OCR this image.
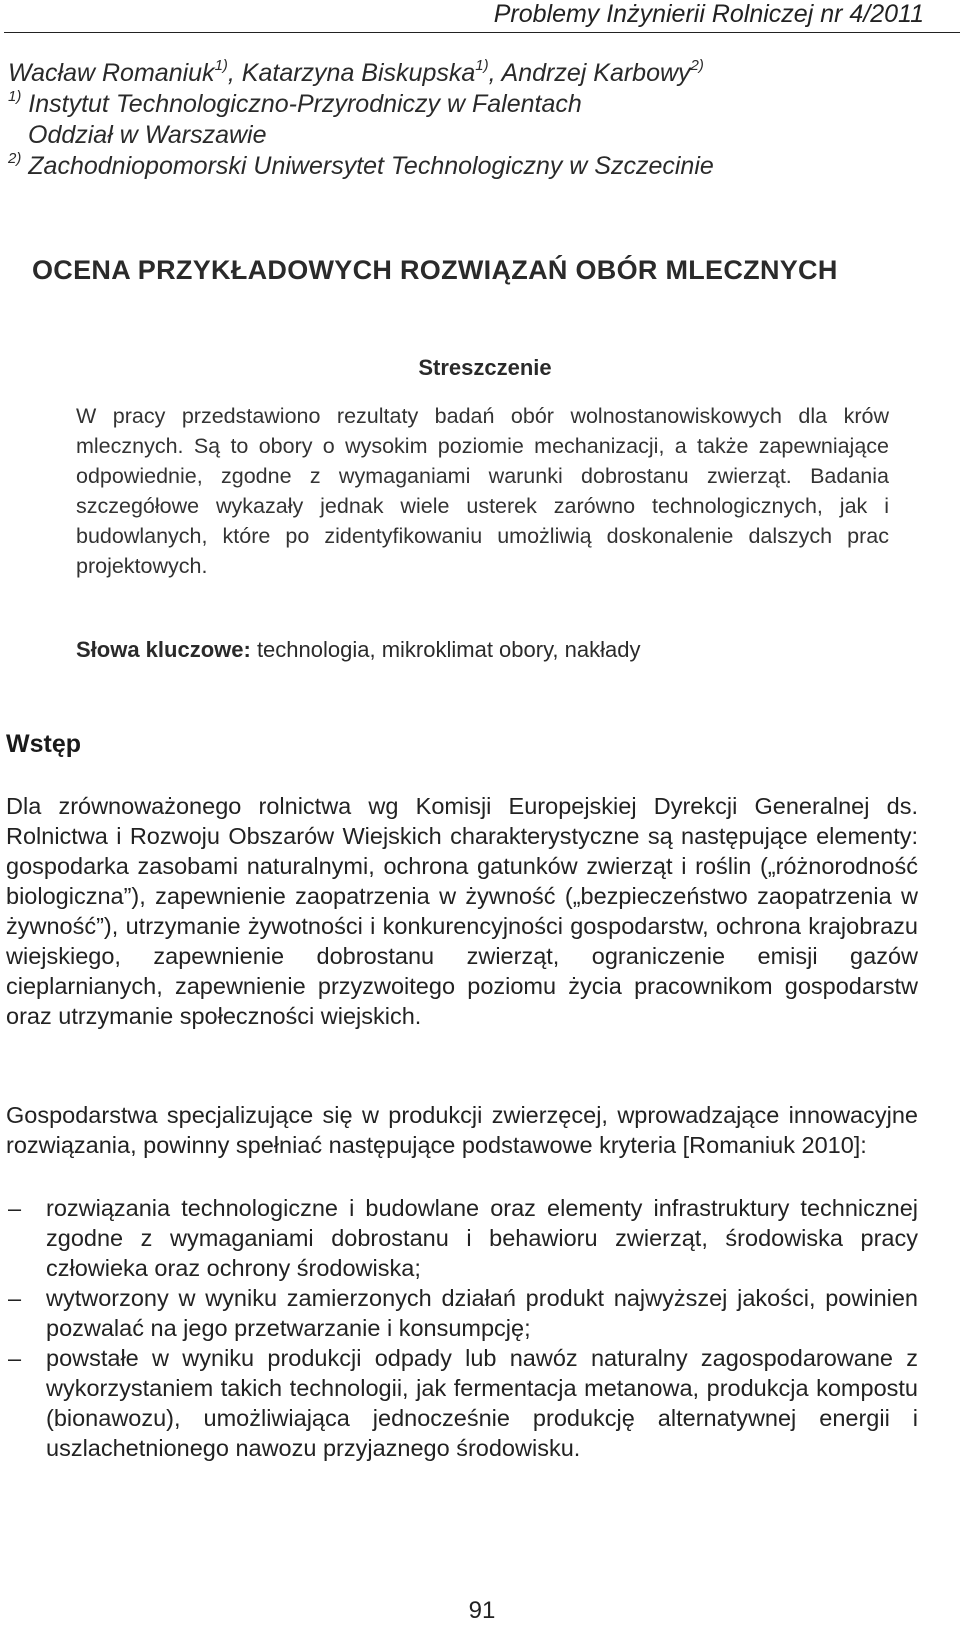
Problemy Inżynierii Rolniczej nr 4/2011
Wacław Romaniuk$^{1)}$, Katarzyna Biskupska$^{1)}$, Andrzej Karbowy$^{2)}$
$^{1)}$ Instytut Technologiczno-Przyrodniczy w Falentach
Oddział w Warszawie
$^{2)}$ Zachodniopomorski Uniwersytet Technologiczny w Szczecinie
OCENA PRZYKŁADOWYCH ROZWIĄZAŃ OBÓR MLECZNYCH
Streszczenie

W pracy przedstawiono rezultaty badań obór wolnostanowiskowych dla krów mlecznych. Są to obory o wysokim poziomie mechanizacji, a także zapewniające odpowiednie, zgodne z wymaganiami warunki dobrostanu zwierząt. Badania szczegółowe wykazały jednak wiele usterek zarówno technologicznych, jak i budowlanych, które po zidentyfikowaniu umożliwią doskonalenie dalszych prac projektowych.

Słowa kluczowe: technologia, mikroklimat obory, nakłady
Wstęp

Dla zrównoważonego rolnictwa wg Komisji Europejskiej Dyrekcji Generalnej ds. Rolnictwa i Rozwoju Obszarów Wiejskich charakterystyczne są następujące elementy: gospodarka zasobami naturalnymi, ochrona gatunków zwierząt i roślin („różnorodność biologiczna”), zapewnienie zaopatrzenia w żywność („bezpieczeństwo zaopatrzenia w żywność”), utrzymanie żywotności i konkurencyjności gospodarstw, ochrona krajobrazu wiejskiego, zapewnienie dobrostanu zwierząt, ograniczenie emisji gazów cieplarnianych, zapewnienie przyzwoitego poziomu życia pracownikom gospodarstw oraz utrzymanie społeczności wiejskich.

Gospodarstwa specjalizujące się w produkcji zwierzęcej, wprowadzające innowacyjne rozwiązania, powinny spełniać następujące podstawowe kryteria [Romaniuk 2010]:

–	rozwiązania technologiczne i budowlane oraz elementy infrastruktury technicznej zgodne z wymaganiami dobrostanu i behawioru zwierząt, środowiska pracy człowieka oraz ochrony środowiska;
–	wytworzony w wyniku zamierzonych działań produkt najwyższej jakości, powinien pozwalać na jego przetwarzanie i konsumpcję;
–	powstałe w wyniku produkcji odpady lub nawóz naturalny zagospodarowane z wykorzystaniem takich technologii, jak fermentacja metanowa, produkcja kompostu (bionawozu), umożliwiająca jednocześnie produkcję alternatywnej energii i uszlachetnionego nawozu przyjaznego środowisku.
91
